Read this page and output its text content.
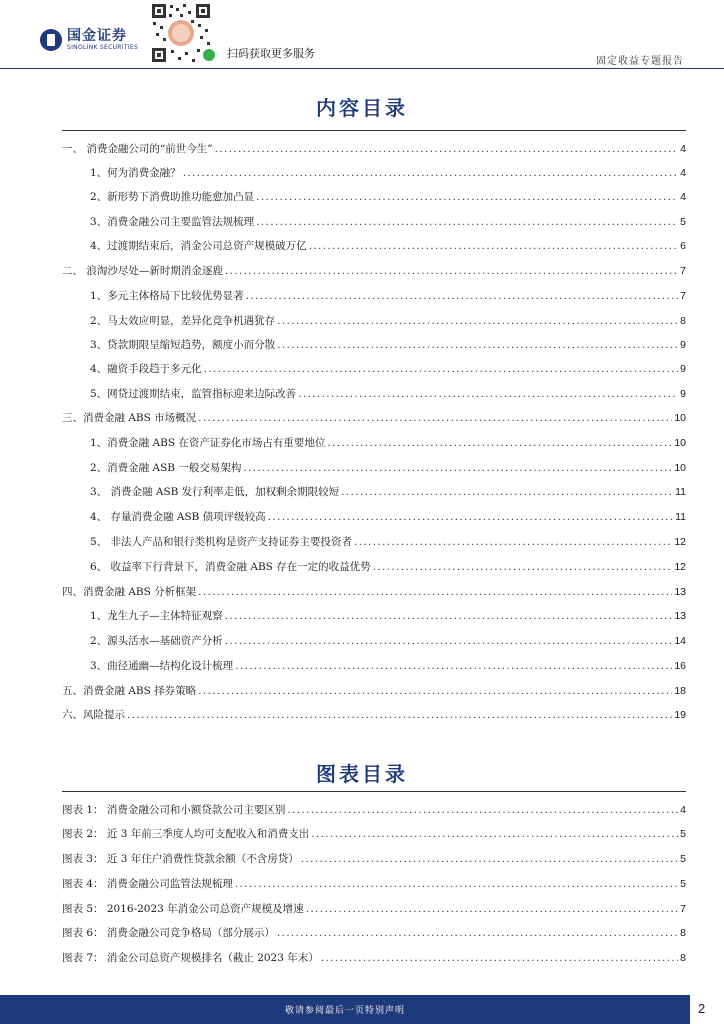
国金证券
SINOLINK SECURITIES	扫码获取更多服务
固定收益专题报告
内容目录
一、 消费金融公司的“前世今生” . . .	4
1、何为消费金融？ . . .	4
2、新形势下消费助推功能愈加凸显 . . .	4
3、消费金融公司主要监管法规梳理 . . .	5
4、过渡期结束后，消金公司总资产规模破万亿 . . .	6
二、 浪淘沙尽处—新时期消金逐鹿 . . .	7
1、多元主体格局下比较优势显著 . . .	7
2、马太效应明显，差异化竞争机遇犹存 . . .	8
3、贷款期限呈缩短趋势，额度小而分散 . . .	9
4、融资手段趋于多元化 . . .	9
5、网贷过渡期结束，监管指标迎来边际改善 . . .	9
三、消费金融 ABS 市场概况 . . .	10
1、消费金融 ABS 在资产证券化市场占有重要地位 . . .	10
2、消费金融 ASB 一般交易架构 . . .	10
3、 消费金融 ASB 发行利率走低，加权剩余期限较短 . . .	11
4、 存量消费金融 ASB 债项评级较高 . . .	11
5、 非法人产品和银行类机构是资产支持证券主要投资者 . . .	12
6、 收益率下行背景下，消费金融 ABS 存在一定的收益优势 . . .	12
四、消费金融 ABS 分析框架 . . .	13
1、龙生九子—主体特征观察 . . .	13
2、源头活水—基础资产分析 . . .	14
3、曲径通幽—结构化设计梳理 . . .	16
五、消费金融 ABS 择券策略 . . .	18
六、风险提示 . . .	19
图表目录
图表 1： 消费金融公司和小额贷款公司主要区别 . . .	4
图表 2： 近 3 年前三季度人均可支配收入和消费支出 . . .	5
图表 3： 近 3 年住户消费性贷款余额（不含房贷） . . .	5
图表 4： 消费金融公司监管法规梳理 . . .	5
图表 5： 2016-2023 年消金公司总资产规模及增速 . . .	7
图表 6： 消费金融公司竞争格局（部分展示） . . .	8
图表 7： 消金公司总资产规模排名（截止 2023 年末） . . .	8
敬请参阅最后一页特别声明	2
